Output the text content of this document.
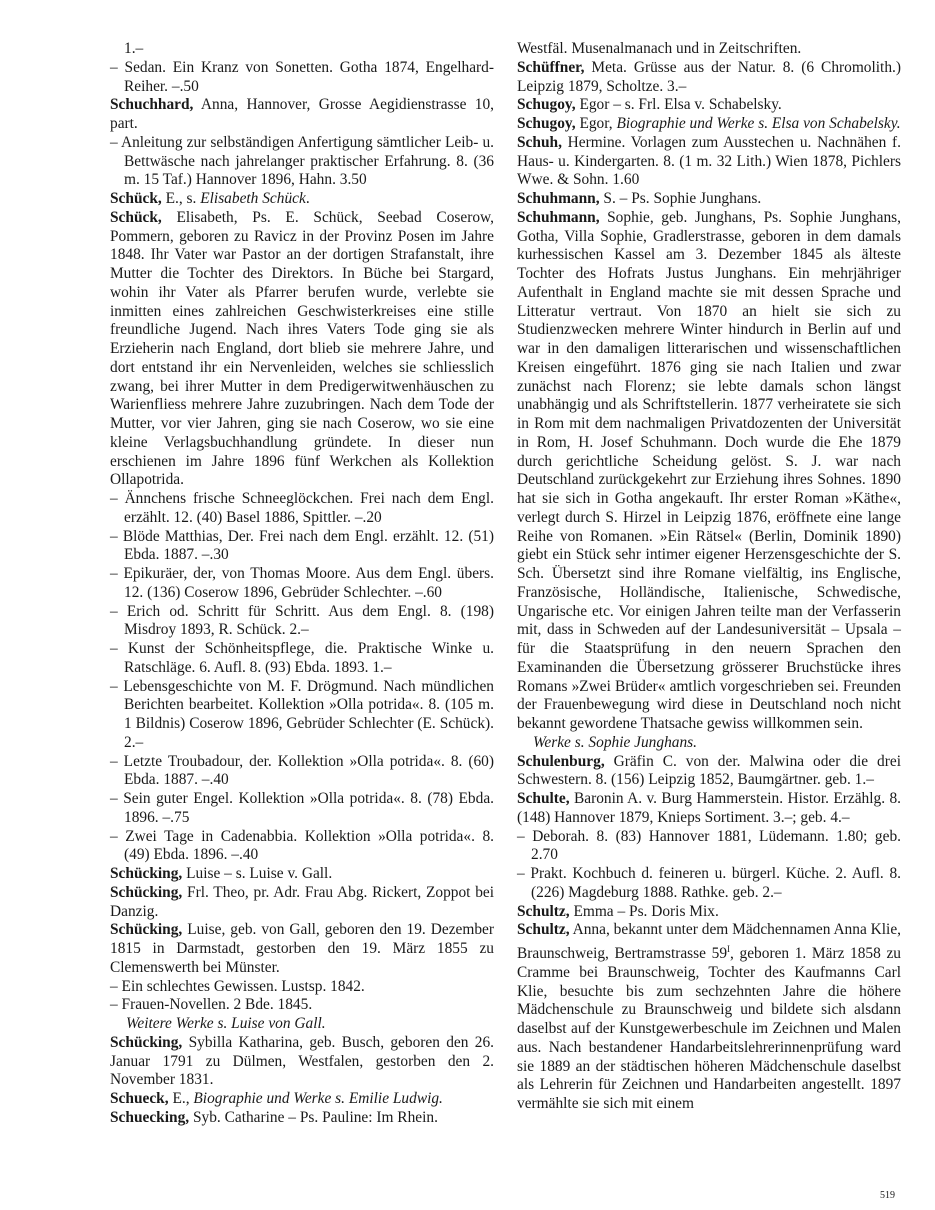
1.–

– Sedan. Ein Kranz von Sonetten. Gotha 1874, Engelhard-Reiher. –.50

Schuchhard, Anna, Hannover, Grosse Aegidienstrasse 10, part.

– Anleitung zur selbständigen Anfertigung sämtlicher Leib- u. Bettwäsche nach jahrelanger praktischer Erfahrung. 8. (36 m. 15 Taf.) Hannover 1896, Hahn. 3.50

Schück, E., s. Elisabeth Schück.

Schück, Elisabeth, Ps. E. Schück, Seebad Coserow, Pommern, geboren zu Ravicz in der Provinz Posen im Jahre 1848. Ihr Vater war Pastor an der dortigen Strafanstalt, ihre Mutter die Tochter des Direktors. In Büche bei Stargard, wohin ihr Vater als Pfarrer berufen wurde, verlebte sie inmitten eines zahlreichen Geschwisterkreises eine stille freundliche Jugend. Nach ihres Vaters Tode ging sie als Erzieherin nach England, dort blieb sie mehrere Jahre, und dort entstand ihr ein Nervenleiden, welches sie schliesslich zwang, bei ihrer Mutter in dem Predigerwitwenhäuschen zu Warienfliess mehrere Jahre zuzubringen. Nach dem Tode der Mutter, vor vier Jahren, ging sie nach Coserow, wo sie eine kleine Verlagsbuchhandlung gründete. In dieser nun erschienen im Jahre 1896 fünf Werkchen als Kollektion Ollapotrida.

– Ännchens frische Schneeglöckchen. Frei nach dem Engl. erzählt. 12. (40) Basel 1886, Spittler. –.20

– Blöde Matthias, Der. Frei nach dem Engl. erzählt. 12. (51) Ebda. 1887. –.30

– Epikuräer, der, von Thomas Moore. Aus dem Engl. übers. 12. (136) Coserow 1896, Gebrüder Schlechter. –.60

– Erich od. Schritt für Schritt. Aus dem Engl. 8. (198) Misdroy 1893, R. Schück. 2.–

– Kunst der Schönheitspflege, die. Praktische Winke u. Ratschläge. 6. Aufl. 8. (93) Ebda. 1893. 1.–

– Lebensgeschichte von M. F. Drögmund. Nach mündlichen Berichten bearbeitet. Kollektion »Olla potrida«. 8. (105 m. 1 Bildnis) Coserow 1896, Gebrüder Schlechter (E. Schück). 2.–

– Letzte Troubadour, der. Kollektion »Olla potrida«. 8. (60) Ebda. 1887. –.40

– Sein guter Engel. Kollektion »Olla potrida«. 8. (78) Ebda. 1896. –.75

– Zwei Tage in Cadenabbia. Kollektion »Olla potrida«. 8. (49) Ebda. 1896. –.40

Schücking, Luise – s. Luise v. Gall.

Schücking, Frl. Theo, pr. Adr. Frau Abg. Rickert, Zoppot bei Danzig.

Schücking, Luise, geb. von Gall, geboren den 19. Dezember 1815 in Darmstadt, gestorben den 19. März 1855 zu Clemenswerth bei Münster.

– Ein schlechtes Gewissen. Lustsp. 1842.

– Frauen-Novellen. 2 Bde. 1845.

Weitere Werke s. Luise von Gall.

Schücking, Sybilla Katharina, geb. Busch, geboren den 26. Januar 1791 zu Dülmen, Westfalen, gestorben den 2. November 1831.

Schueck, E., Biographie und Werke s. Emilie Ludwig.

Schuecking, Syb. Catharine – Ps. Pauline: Im Rhein.

Westfäl. Musenalmanach und in Zeitschriften.

Schüffner, Meta. Grüsse aus der Natur. 8. (6 Chromolith.) Leipzig 1879, Scholtze. 3.–

Schugoy, Egor – s. Frl. Elsa v. Schabelsky.

Schugoy, Egor, Biographie und Werke s. Elsa von Schabelsky.

Schuh, Hermine. Vorlagen zum Ausstechen u. Nachnähen f. Haus- u. Kindergarten. 8. (1 m. 32 Lith.) Wien 1878, Pichlers Wwe. & Sohn. 1.60

Schuhmann, S. – Ps. Sophie Junghans.

Schuhmann, Sophie, geb. Junghans, Ps. Sophie Junghans, Gotha, Villa Sophie, Gradlerstrasse, geboren in dem damals kurhessischen Kassel am 3. Dezember 1845 als älteste Tochter des Hofrats Justus Junghans. Ein mehrjähriger Aufenthalt in England machte sie mit dessen Sprache und Litteratur vertraut. Von 1870 an hielt sie sich zu Studienzwecken mehrere Winter hindurch in Berlin auf und war in den damaligen litterarischen und wissenschaftlichen Kreisen eingeführt. 1876 ging sie nach Italien und zwar zunächst nach Florenz; sie lebte damals schon längst unabhängig und als Schriftstellerin. 1877 verheiratete sie sich in Rom mit dem nachmaligen Privatdozenten der Universität in Rom, H. Josef Schuhmann. Doch wurde die Ehe 1879 durch gerichtliche Scheidung gelöst. S. J. war nach Deutschland zurückgekehrt zur Erziehung ihres Sohnes. 1890 hat sie sich in Gotha angekauft. Ihr erster Roman »Käthe«, verlegt durch S. Hirzel in Leipzig 1876, eröffnete eine lange Reihe von Romanen. »Ein Rätsel« (Berlin, Dominik 1890) giebt ein Stück sehr intimer eigener Herzensgeschichte der S. Sch. Übersetzt sind ihre Romane vielfältig, ins Englische, Französische, Holländische, Italienische, Schwedische, Ungarische etc. Vor einigen Jahren teilte man der Verfasserin mit, dass in Schweden auf der Landesuniversität – Upsala – für die Staatsprüfung in den neuern Sprachen den Examinanden die Übersetzung grösserer Bruchstücke ihres Romans »Zwei Brüder« amtlich vorgeschrieben sei. Freunden der Frauenbewegung wird diese in Deutschland noch nicht bekannt gewordene Thatsache gewiss willkommen sein.

Werke s. Sophie Junghans.

Schulenburg, Gräfin C. von der. Malwina oder die drei Schwestern. 8. (156) Leipzig 1852, Baumgärtner. geb. 1.–

Schulte, Baronin A. v. Burg Hammerstein. Histor. Erzählg. 8. (148) Hannover 1879, Knieps Sortiment. 3.–; geb. 4.–

– Deborah. 8. (83) Hannover 1881, Lüdemann. 1.80; geb. 2.70

– Prakt. Kochbuch d. feineren u. bürgerl. Küche. 2. Aufl. 8. (226) Magdeburg 1888. Rathke. geb. 2.–

Schultz, Emma – Ps. Doris Mix.

Schultz, Anna, bekannt unter dem Mädchennamen Anna Klie, Braunschweig, Bertramstrasse $59^I$, geboren 1. März 1858 zu Cramme bei Braunschweig, Tochter des Kaufmanns Carl Klie, besuchte bis zum sechzehnten Jahre die höhere Mädchenschule zu Braunschweig und bildete sich alsdann daselbst auf der Kunstgewerbeschule im Zeichnen und Malen aus. Nach bestandener Handarbeitslehrerinnenprüfung ward sie 1889 an der städtischen höheren Mädchenschule daselbst als Lehrerin für Zeichnen und Handarbeiten angestellt. 1897 vermählte sie sich mit einem

519
